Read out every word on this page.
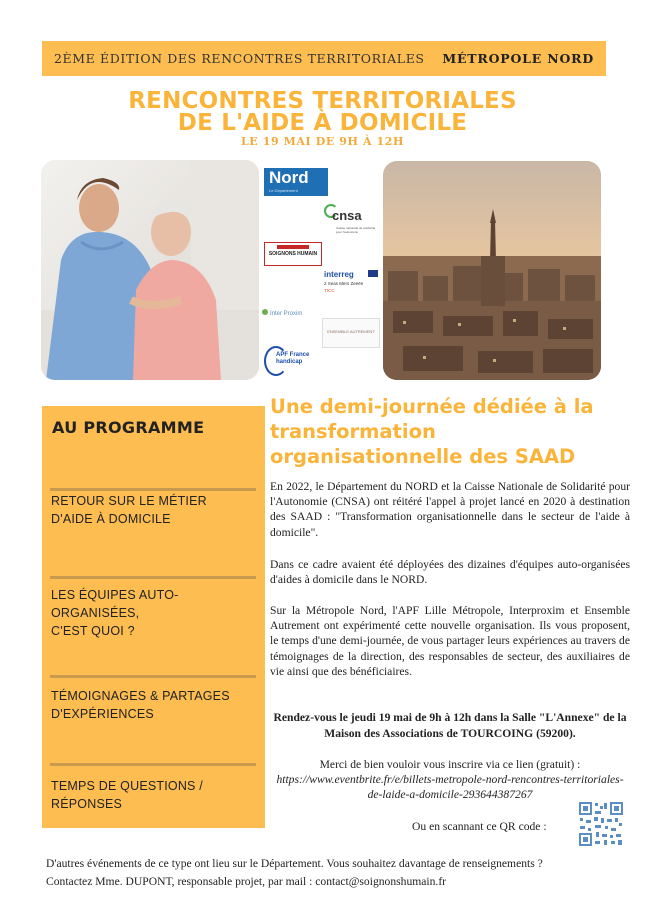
2ÈME ÉDITION DES RENCONTRES TERRITORIALES MÉTROPOLE NORD
RENCONTRES TERRITORIALES
DE L'AIDE À DOMICILE
LE 19 MAI DE 9H À 12H
Nord
Le Département
cnsa
Caisse nationale de solidarité pour l'autonomie
SOIGNONS HUMAIN
interreg
2 Seas Mers Zeeën
TICC
Inter Proxim
ENSEMBLE AUTREMENT
APF France handicap
AU PROGRAMME
RETOUR SUR LE MÉTIER
D'AIDE À DOMICILE
LES ÉQUIPES AUTO-ORGANISÉES,
C'EST QUOI ?
TÉMOIGNAGES & PARTAGES
D'EXPÉRIENCES
TEMPS DE QUESTIONS / RÉPONSES
Une demi-journée dédiée à la transformation organisationnelle des SAAD
En 2022, le Département du NORD et la Caisse Nationale de Solidarité pour l'Autonomie (CNSA) ont réitéré l'appel à projet lancé en 2020 à destination des SAAD : "Transformation organisationnelle dans le secteur de l'aide à domicile".
Dans ce cadre avaient été déployées des dizaines d'équipes auto-organisées d'aides à domicile dans le NORD.
Sur la Métropole Nord, l'APF Lille Métropole, Interproxim et Ensemble Autrement ont expérimenté cette nouvelle organisation. Ils vous proposent, le temps d'une demi-journée, de vous partager leurs expériences au travers de témoignages de la direction, des responsables de secteur, des auxiliaires de vie ainsi que des bénéficiaires.
Rendez-vous le jeudi 19 mai de 9h à 12h dans la Salle "L'Annexe" de la Maison des Associations de TOURCOING (59200).
Merci de bien vouloir vous inscrire via ce lien (gratuit) :
https://www.eventbrite.fr/e/billets-metropole-nord-rencontres-territoriales-de-laide-a-domicile-293644387267
Ou en scannant ce QR code :
D'autres événements de ce type ont lieu sur le Département. Vous souhaitez davantage de renseignements ?
Contactez Mme. DUPONT, responsable projet, par mail : contact@soignonshumain.fr
